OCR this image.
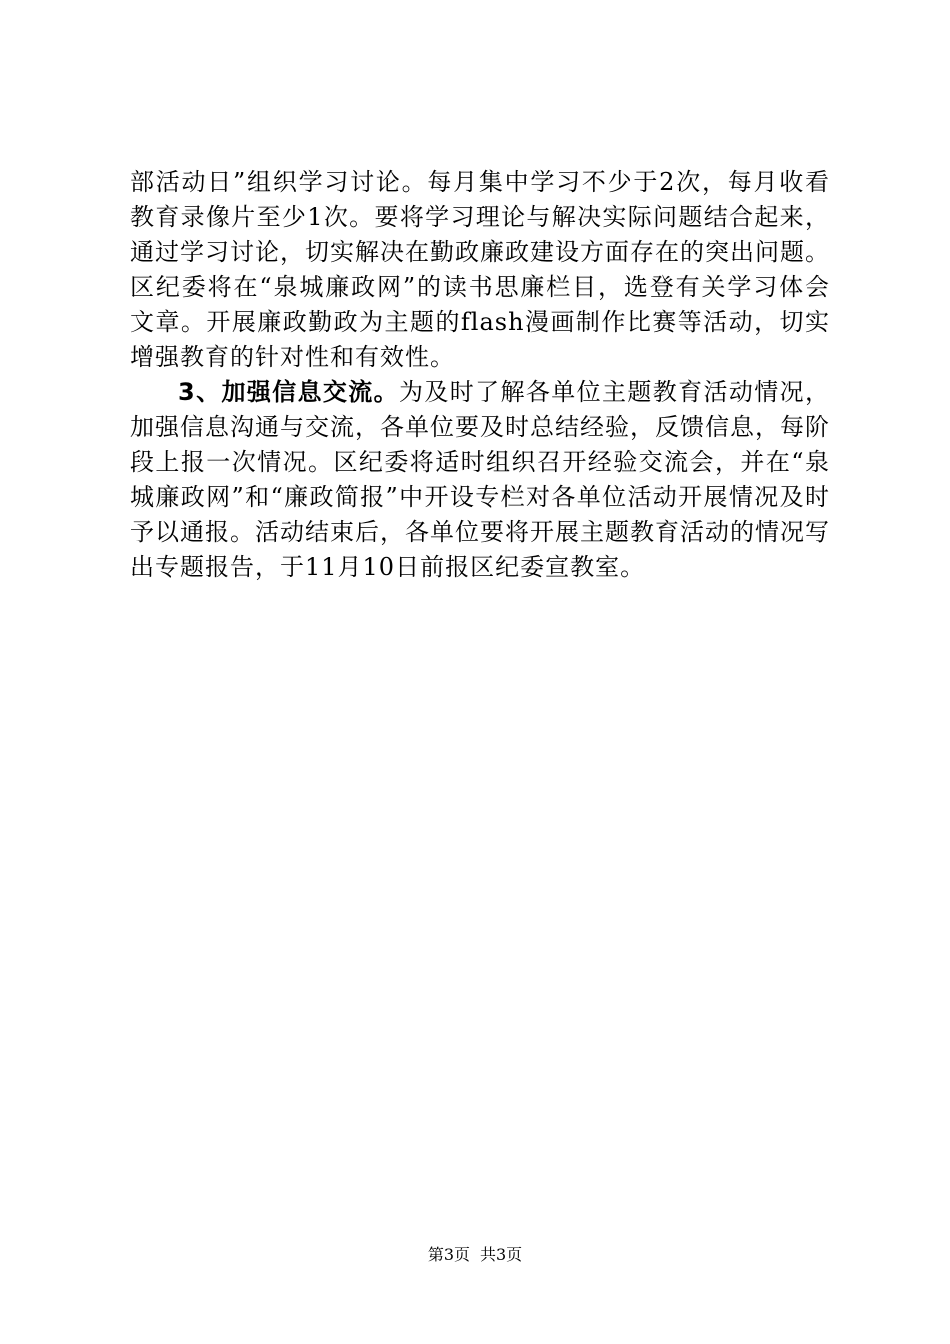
部活动日”组织学习讨论。每月集中学习不少于2次，每月收看教育录像片至少1次。要将学习理论与解决实际问题结合起来，通过学习讨论，切实解决在勤政廉政建设方面存在的突出问题。区纪委将在“泉城廉政网”的读书思廉栏目，选登有关学习体会文章。开展廉政勤政为主题的flash漫画制作比赛等活动，切实增强教育的针对性和有效性。

3、加强信息交流。为及时了解各单位主题教育活动情况，加强信息沟通与交流，各单位要及时总结经验，反馈信息，每阶段上报一次情况。区纪委将适时组织召开经验交流会，并在“泉城廉政网”和“廉政简报”中开设专栏对各单位活动开展情况及时予以通报。活动结束后，各单位要将开展主题教育活动的情况写出专题报告，于11月10日前报区纪委宣教室。

第3页 共3页
